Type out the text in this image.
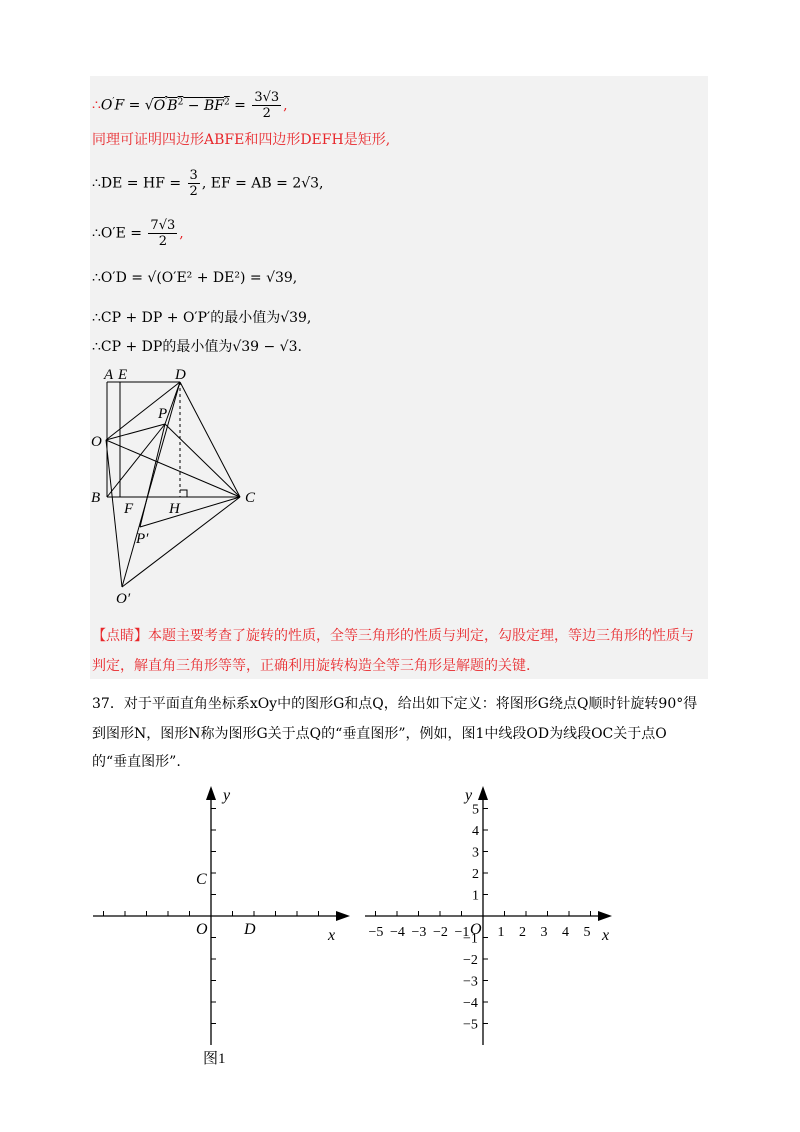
∴O′F = $√O'B^2 - BF^2 = \frac{3√3}{2}$ ,
同理可证明四边形ABFE和四边形DEFH是矩形,
∴DE = HF = $\frac{3}{2}$ , EF = AB = 2√3,
∴O′E = $\frac{7√3}{2}$ ,
∴O′D = √(O′E² + DE²) = √39,
∴CP + DP + O′P′的最小值为√39,
∴CP + DP的最小值为√39 − √3.
A E	D
P
O
B
F H
C
P′
O′
【点睛】本题主要考查了旋转的性质，全等三角形的性质与判定，勾股定理，等边三角形的性质与
判定，解直角三角形等等，正确利用旋转构造全等三角形是解题的关键.
37．对于平面直角坐标系xOy中的图形G和点Q，给出如下定义：将图形G绕点Q顺时针旋转90°得
到图形N，图形N称为图形G关于点Q的“垂直图形”，例如，图1中线段OD为线段OC关于点O
的“垂直图形”.
y
x
O
C
D
图1
−5 −4 −3 −2 −1 1 2 3 4 5
5
4
3
2
1
−1
−2
−3
−4
−5
y
x
O
